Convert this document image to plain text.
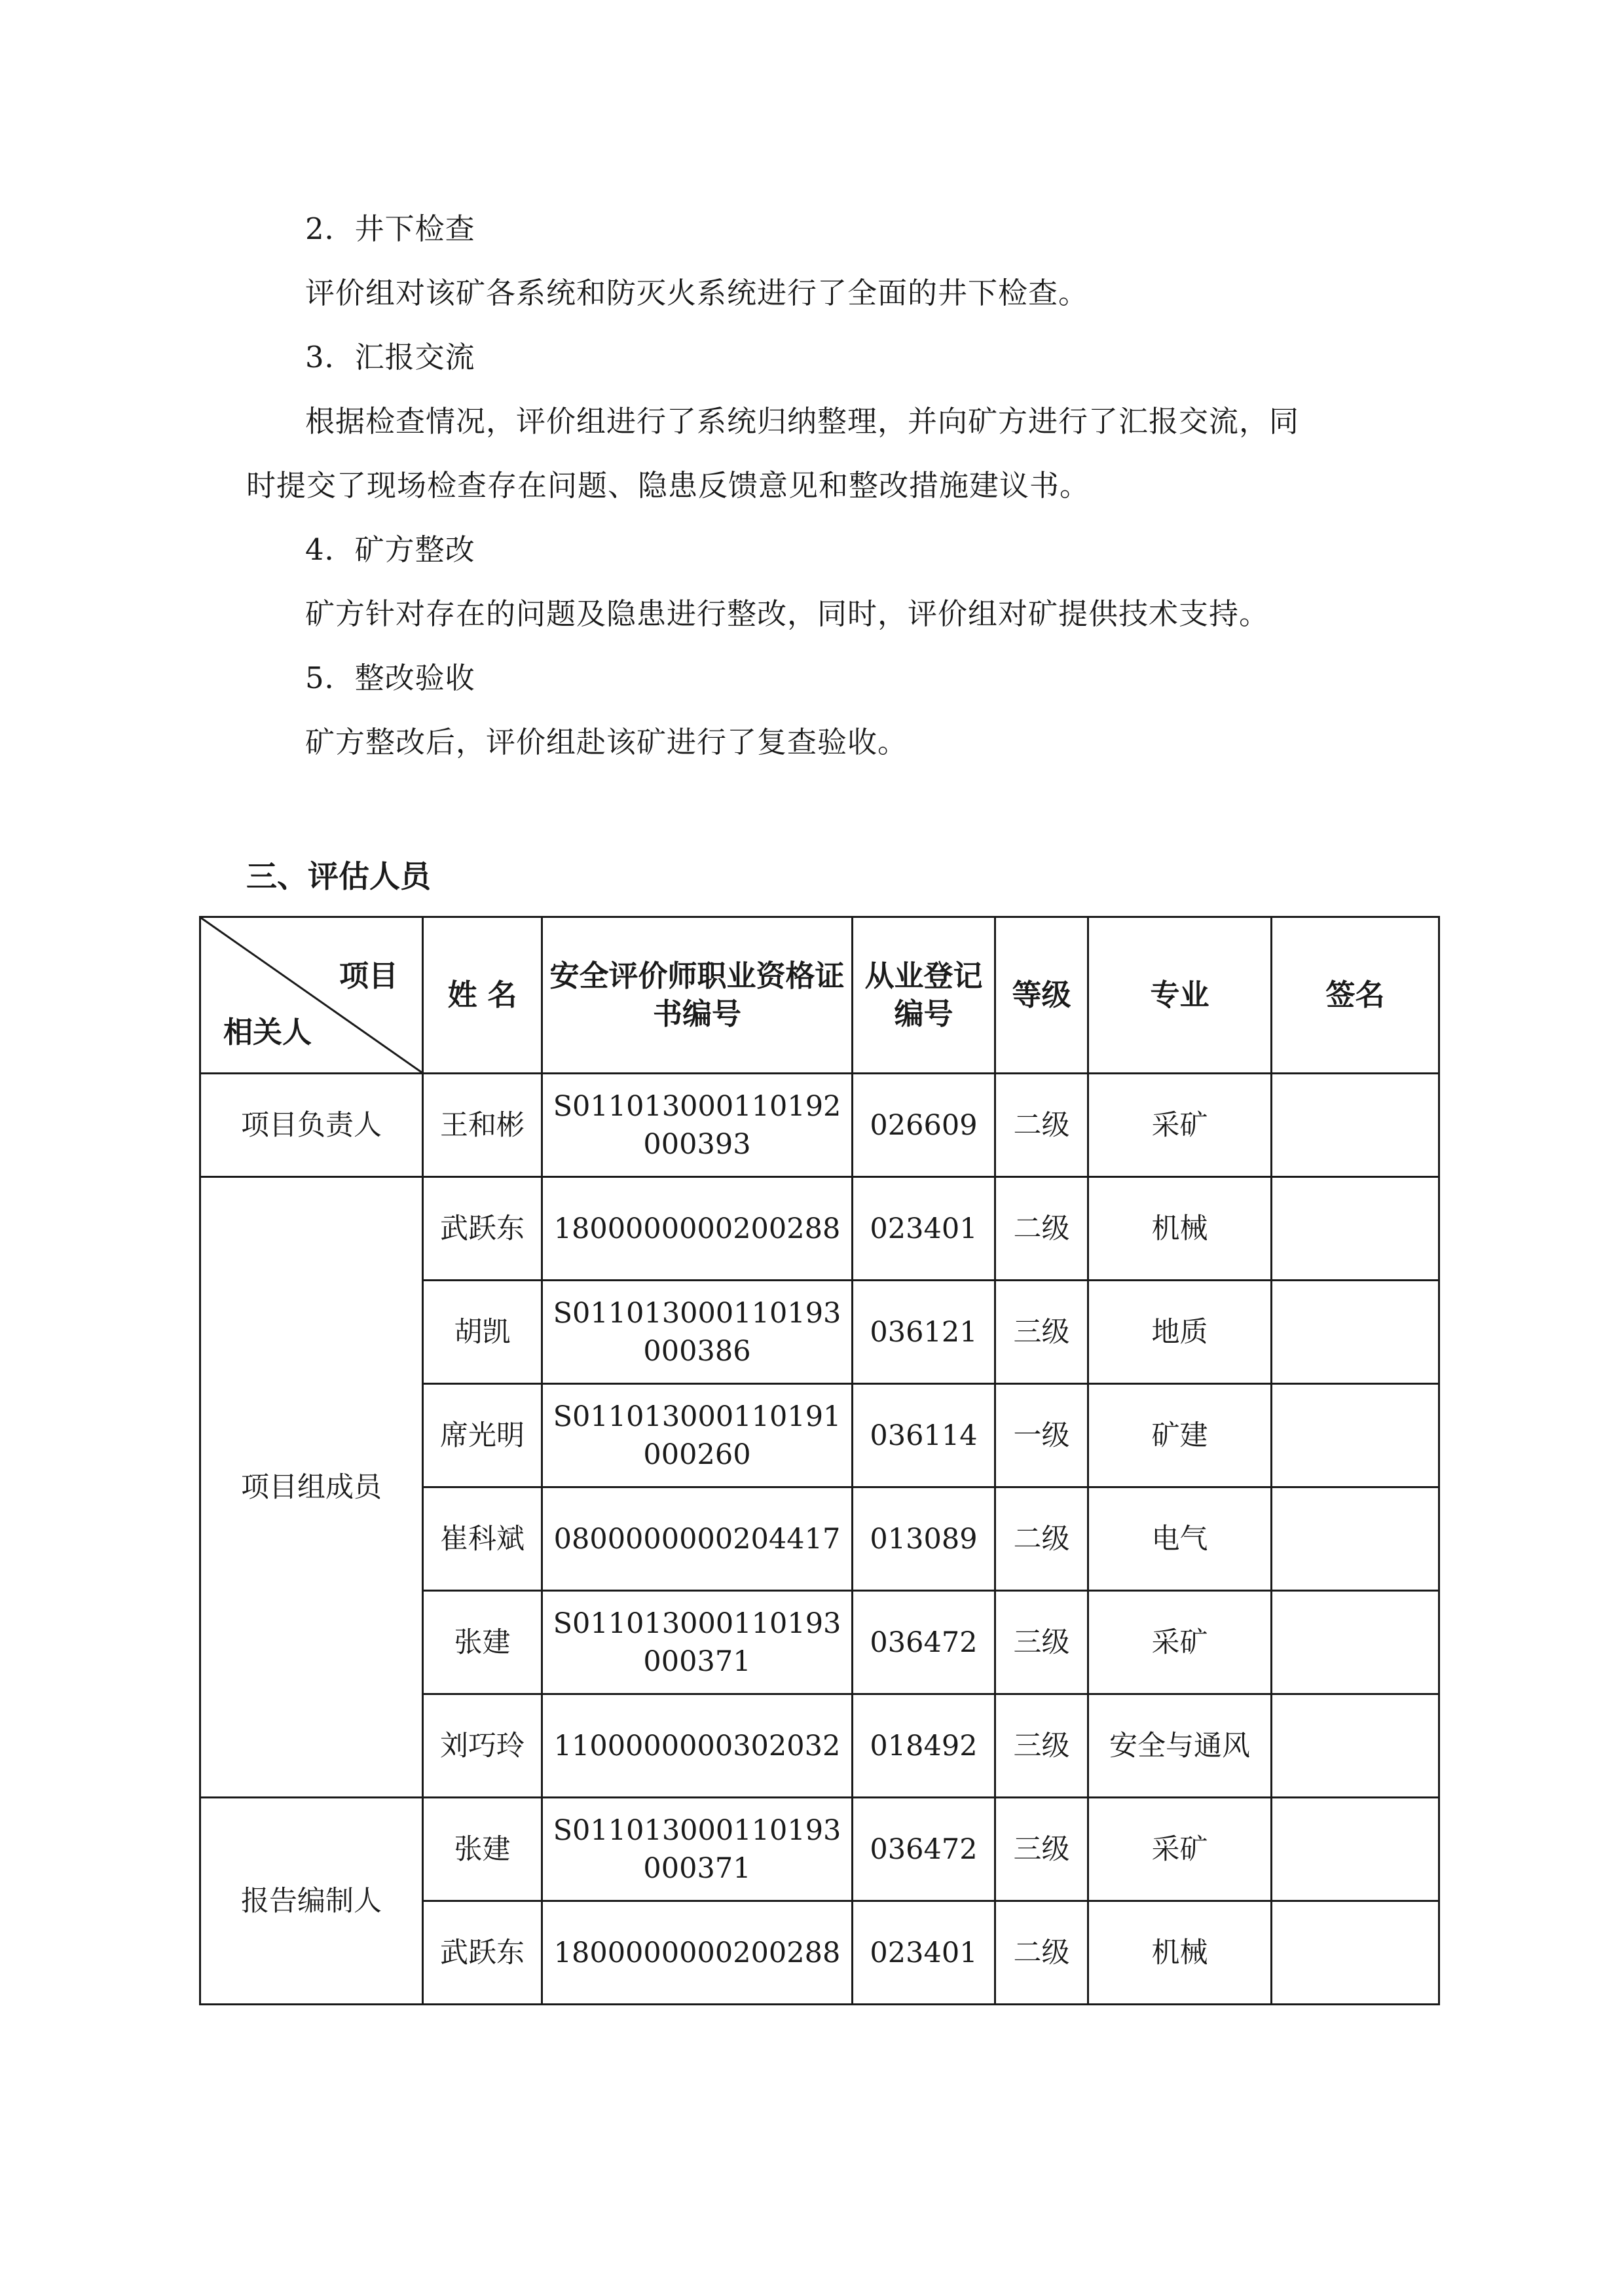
2．井下检查
评价组对该矿各系统和防灭火系统进行了全面的井下检查。
3．汇报交流
根据检查情况，评价组进行了系统归纳整理，并向矿方进行了汇报交流，同
时提交了现场检查存在问题、隐患反馈意见和整改措施建议书。
4．矿方整改
矿方针对存在的问题及隐患进行整改，同时，评价组对矿提供技术支持。
5．整改验收
矿方整改后，评价组赴该矿进行了复查验收。
三、评估人员
项目
相关人	姓 名	安全评价师职业资格证书编号	从业登记编号	等级	专业	签名
项目负责人	王和彬	S011013000110192000393	026609	二级	采矿	
项目组成员	武跃东	1800000000200288	023401	二级	机械	
	胡凯	S011013000110193000386	036121	三级	地质	
	席光明	S011013000110191000260	036114	一级	矿建	
	崔科斌	0800000000204417	013089	二级	电气	
	张建	S011013000110193000371	036472	三级	采矿	
	刘巧玲	1100000000302032	018492	三级	安全与通风	
报告编制人	张建	S011013000110193000371	036472	三级	采矿	
	武跃东	1800000000200288	023401	二级	机械	
